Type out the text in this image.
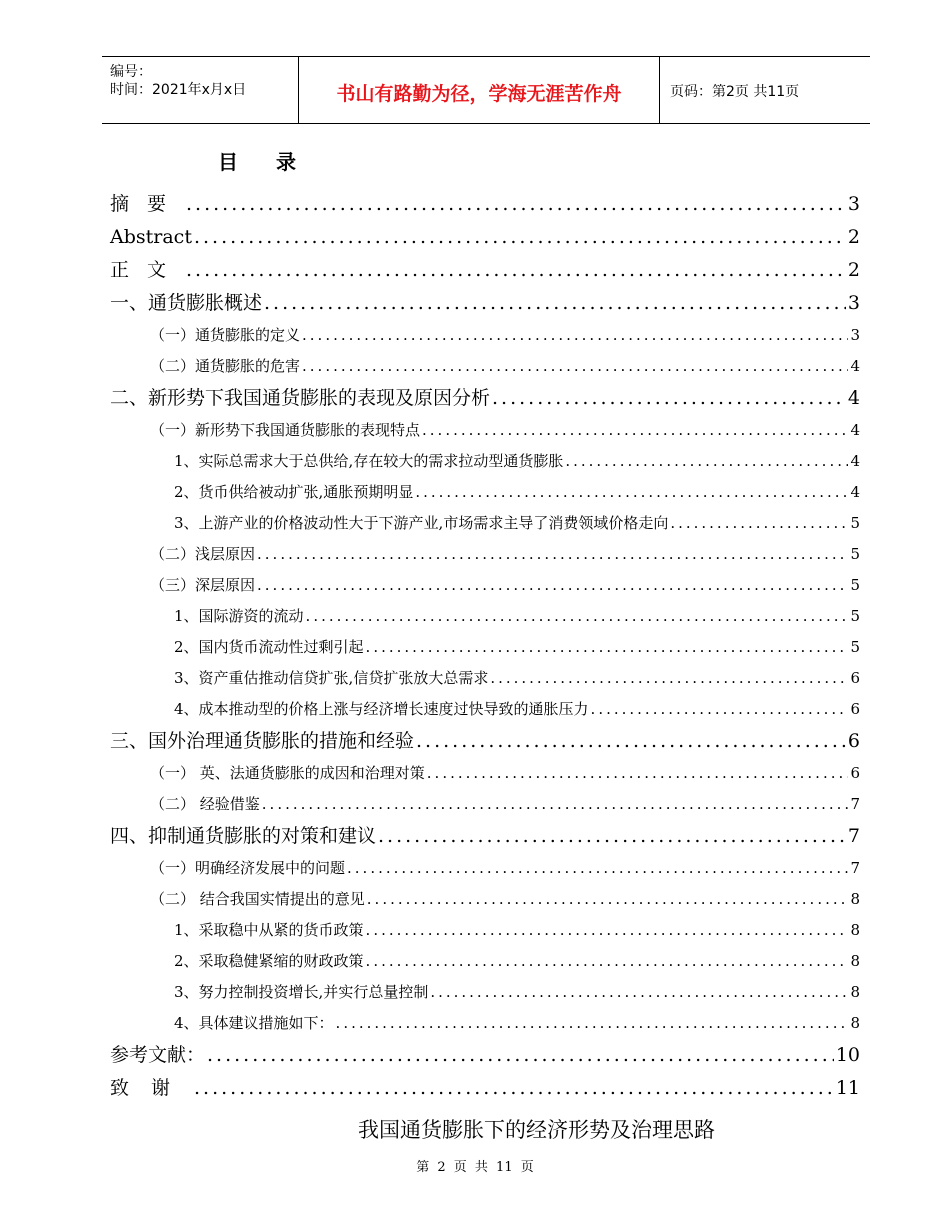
编号：
时间：2021年x月x日	书山有路勤为径，学海无涯苦作舟	页码：第2页 共11页
目录
摘要 .....	3
Abstract .....	2
正文 .....	2
一、通货膨胀概述 .....	3
（一）通货膨胀的定义 .....	3
（二）通货膨胀的危害 .....	4
二、新形势下我国通货膨胀的表现及原因分析 .....	4
（一）新形势下我国通货膨胀的表现特点 .....	4
1、实际总需求大于总供给,存在较大的需求拉动型通货膨胀 .....	4
2、货币供给被动扩张,通胀预期明显 .....	4
3、上游产业的价格波动性大于下游产业,市场需求主导了消费领域价格走向 .....	5
（二）浅层原因 .....	5
（三）深层原因 .....	5
1、国际游资的流动 .....	5
2、国内货币流动性过剩引起 .....	5
3、资产重估推动信贷扩张,信贷扩张放大总需求 .....	6
4、成本推动型的价格上涨与经济增长速度过快导致的通胀压力 .....	6
三、国外治理通货膨胀的措施和经验 .....	6
（一） 英、法通货膨胀的成因和治理对策 .....	6
（二） 经验借鉴 .....	7
四、抑制通货膨胀的对策和建议 .....	7
（一）明确经济发展中的问题 .....	7
（二） 结合我国实情提出的意见 .....	8
1、采取稳中从紧的货币政策 .....	8
2、采取稳健紧缩的财政政策 .....	8
3、努力控制投资增长,并实行总量控制 .....	8
4、具体建议措施如下： .....	8
参考文献： .....	10
致谢 .....	11
我国通货膨胀下的经济形势及治理思路
第 2 页 共 11 页
